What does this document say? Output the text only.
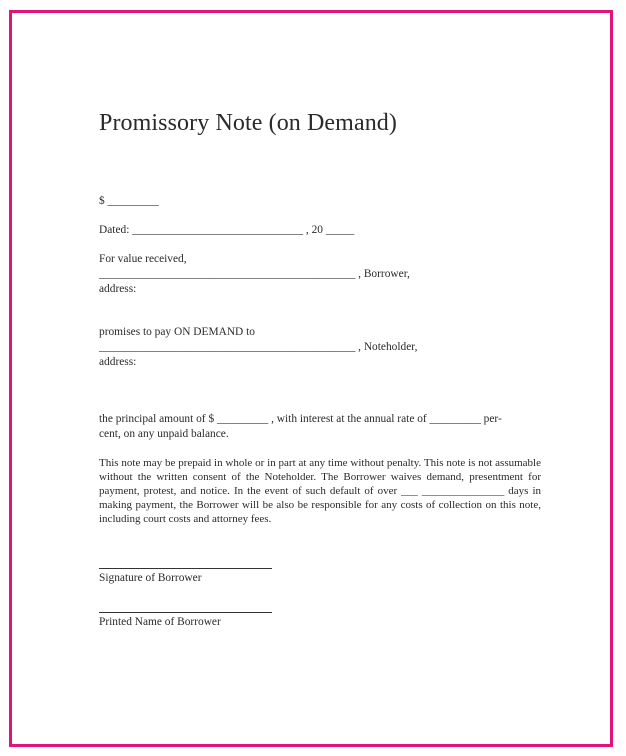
Promissory Note (on Demand)

$ _________

Dated: ______________________________ , 20 _____

For value received,

_____________________________________________ , Borrower,

address:

promises to pay ON DEMAND to

_____________________________________________ , Noteholder,

address:

the principal amount of $ _________ , with interest at the annual rate of _________ per-

cent, on any unpaid balance.

This note may be prepaid in whole or in part at any time without penalty. This note is not assumable without the written consent of the Noteholder. The Borrower waives demand, presentment for payment, protest, and notice. In the event of such default of over ___ _______________ days in making payment, the Borrower will be also be responsible for any costs of collection on this note, including court costs and attorney fees.

Signature of Borrower

Printed Name of Borrower
